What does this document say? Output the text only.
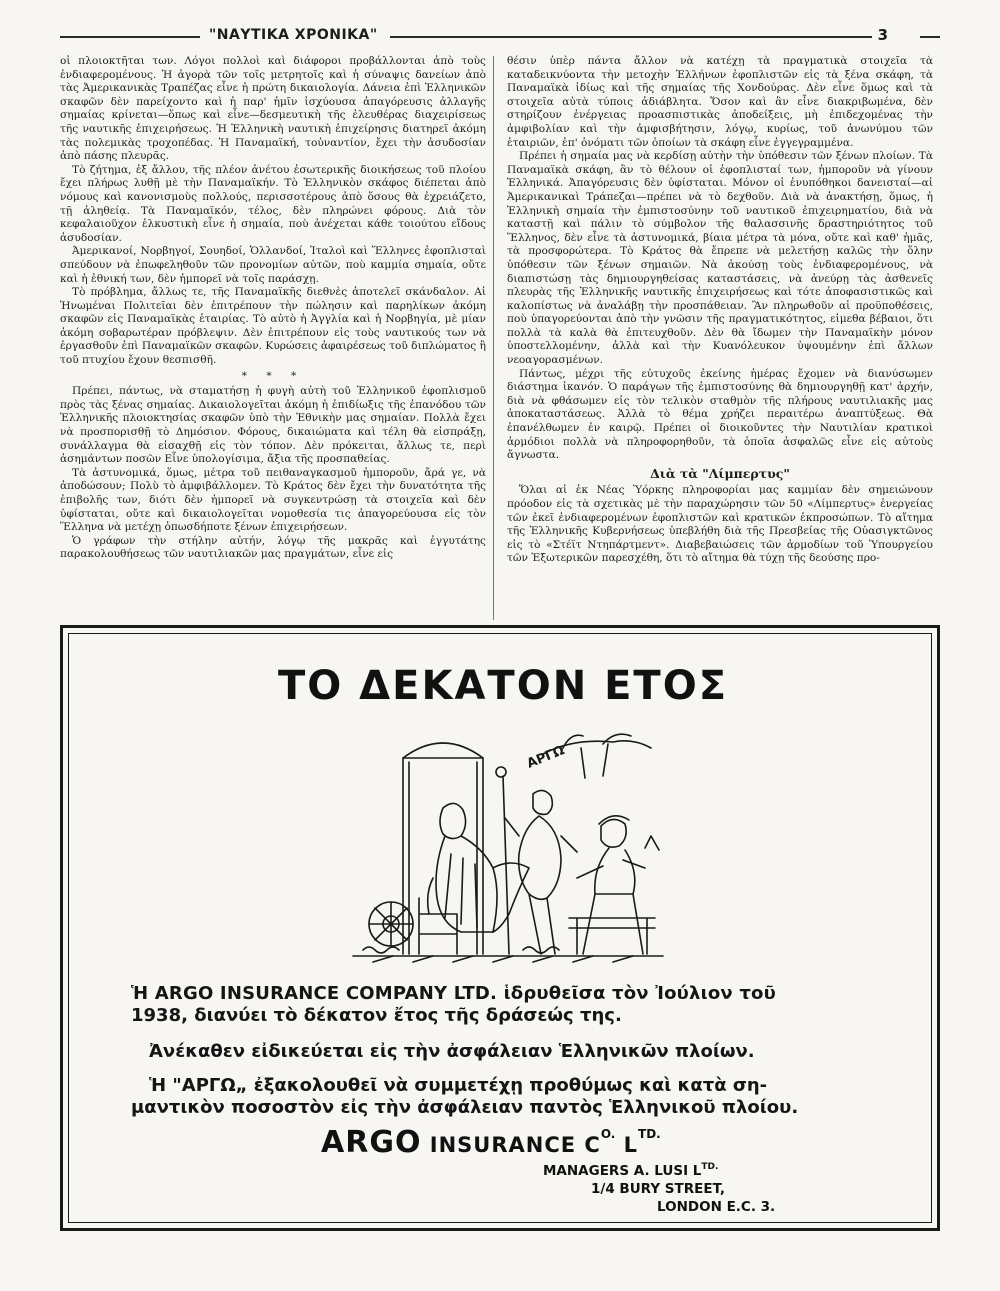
"ΝΑΥΤΙΚΑ ΧΡΟΝΙΚΑ"	3

οἱ πλοιοκτῆται των. Λόγοι πολλοὶ καὶ διάφοροι προβάλλονται ἀπὸ τοὺς ἐνδιαφερομένους. Ἡ ἀγορὰ τῶν τοῖς μετρητοῖς καὶ ἡ σύναψις δανείων ἀπὸ τὰς Ἀμερικανικὰς Τραπέζας εἶνε ἡ πρώτη δικαιολογία. Δάνεια ἐπὶ Ἑλληνικῶν σκαφῶν δὲν παρείχοντο καὶ ἡ παρ' ἡμῖν ἰσχύουσα ἀπαγόρευσις ἀλλαγῆς σημαίας κρίνεται—ὅπως καὶ εἶνε—δεσμευτικὴ τῆς ἐλευθέρας διαχειρίσεως τῆς ναυτικῆς ἐπιχειρήσεως. Ἡ Ἑλληνικὴ ναυτικὴ ἐπιχείρησις διατηρεῖ ἀκόμη τὰς πολεμικὰς τροχοπέδας. Ἡ Παναμαϊκή, τοὐναντίον, ἔχει τὴν ἀσυδοσίαν ἀπὸ πάσης πλευρᾶς.

Τὸ ζήτημα, ἐξ ἄλλου, τῆς πλέον ἀνέτου ἐσωτερικῆς διοικήσεως τοῦ πλοίου ἔχει πλήρως λυθῇ μὲ τὴν Παναμαϊκήν. Τὸ Ἑλληνικὸν σκάφος διέπεται ἀπὸ νόμους καὶ κανονισμοὺς πολλούς, περισσοτέρους ἀπὸ ὅσους θὰ ἐχρειάζετο, τῇ ἀληθείᾳ. Τὰ Παναμαϊκόν, τέλος, δὲν πληρώνει φόρους. Διὰ τὸν κεφαλαιοῦχον ἑλκυστικὴ εἶνε ἡ σημαία, ποὺ ἀνέχεται κάθε τοιούτου εἴδους ἀσυδοσίαν.

Ἀμερικανοί, Νορβηγοί, Σουηδοί, Ὁλλανδοί, Ἰταλοὶ καὶ Ἕλληνες ἐφοπλισταὶ σπεύδουν νὰ ἐπωφεληθοῦν τῶν προνομίων αὐτῶν, ποὺ καμμία σημαία, οὔτε καὶ ἡ ἐθνική των, δὲν ἠμπορεῖ νὰ τοῖς παράσχῃ.

Τὸ πρόβλημα, ἄλλως τε, τῆς Παναμαϊκῆς διεθνὲς ἀποτελεῖ σκάνδαλον. Αἱ Ἡνωμέναι Πολιτεῖαι δὲν ἐπιτρέπουν τὴν πώλησιν καὶ παρηλίκων ἀκόμη σκαφῶν εἰς Παναμαϊκὰς ἑταιρίας. Τὸ αὐτὸ ἡ Ἀγγλία καὶ ἡ Νορβηγία, μὲ μίαν ἀκόμη σοβαρωτέραν πρόβλεψιν. Δὲν ἐπιτρέπουν εἰς τοὺς ναυτικούς των νὰ ἐργασθοῦν ἐπὶ Παναμαϊκῶν σκαφῶν. Κυρώσεις ἀφαιρέσεως τοῦ διπλώματος ἢ τοῦ πτυχίου ἔχουν θεσπισθῆ.

* * *

Πρέπει, πάντως, νὰ σταματήσῃ ἡ φυγὴ αὐτὴ τοῦ Ἑλληνικοῦ ἐφοπλισμοῦ πρὸς τὰς ξένας σημαίας. Δικαιολογεῖται ἀκόμη ἡ ἐπιδίωξις τῆς ἐπανόδου τῶν Ἑλληνικῆς πλοιοκτησίας σκαφῶν ὑπὸ τὴν Ἐθνικὴν μας σημαίαν. Πολλὰ ἔχει νὰ προσπορισθῇ τὸ Δημόσιον. Φόρους, δικαιώματα καὶ τέλη θὰ εἰσπράξῃ, συνάλλαγμα θὰ εἰσαχθῇ εἰς τὸν τόπον. Δὲν πρόκειται, ἄλλως τε, περὶ ἀσημάντων ποσῶν Εἶνε ὑπολογίσιμα, ἄξια τῆς προσπαθείας.

Τὰ ἀστυνομικά, ὅμως, μέτρα τοῦ πειθαναγκασμοῦ ἠμποροῦν, ἄρά γε, νὰ ἀποδώσουν; Πολὺ τὸ ἀμφιβάλλομεν. Τὸ Κράτος δὲν ἔχει τὴν δυνατότητα τῆς ἐπιβολῆς των, διότι δὲν ἠμπορεῖ νὰ συγκεντρώσῃ τὰ στοιχεῖα καὶ δὲν ὑφίσταται, οὔτε καὶ δικαιολογεῖται νομοθεσία τις ἀπαγορεύουσα εἰς τὸν Ἕλληνα νὰ μετέχῃ ὁπωσδήποτε ξένων ἐπιχειρήσεων.

Ὁ γράφων τὴν στήλην αὐτήν, λόγῳ τῆς μακρᾶς καὶ ἐγγυτάτης παρακολουθήσεως τῶν ναυτιλιακῶν μας πραγμάτων, εἶνε εἰς

θέσιν ὑπὲρ πάντα ἄλλον νὰ κατέχῃ τὰ πραγματικὰ στοιχεῖα τὰ καταδεικνύοντα τὴν μετοχὴν Ἑλλήνων ἐφοπλιστῶν εἰς τὰ ξένα σκάφη, τὰ Παναμαϊκὰ ἰδίως καὶ τῆς σημαίας τῆς Χονδούρας. Δὲν εἶνε ὅμως καὶ τὰ στοιχεῖα αὐτὰ τύποις ἀδιάβλητα. Ὅσον καὶ ἂν εἶνε διακριβωμένα, δὲν στηρίζουν ἐνέργειας προασπιστικὰς ἀποδείξεις, μὴ ἐπιδεχομένας τὴν ἀμφιβολίαν καὶ τὴν ἀμφισβήτησιν, λόγῳ, κυρίως, τοῦ ἀνωνύμου τῶν ἑταιριῶν, ἐπ' ὀνόματι τῶν ὁποίων τὰ σκάφη εἶνε ἐγγεγραμμένα.

Πρέπει ἡ σημαία μας νὰ κερδίσῃ αὐτὴν τὴν ὑπόθεσιν τῶν ξένων πλοίων. Τὰ Παναμαϊκὰ σκάφη, ἂν τὸ θέλουν οἱ ἐφοπλισταί των, ἠμποροῦν νὰ γίνουν Ἑλληνικά. Ἀπαγόρευσις δὲν ὑφίσταται. Μόνον οἱ ἐνυπόθηκοι δανεισταί—αἱ Ἀμερικανικαὶ Τράπεζαι—πρέπει νὰ τὸ δεχθοῦν. Διὰ νὰ ἀνακτήσῃ, ὅμως, ἡ Ἑλληνικὴ σημαία τὴν ἐμπιστοσύνην τοῦ ναυτικοῦ ἐπιχειρηματίου, διὰ νὰ καταστῇ καὶ πάλιν τὸ σύμβολον τῆς θαλασσινῆς δραστηριότητος τοῦ Ἕλληνος, δὲν εἶνε τὰ ἀστυνομικά, βίαια μέτρα τὰ μόνα, οὔτε καὶ καθ' ἡμᾶς, τὰ προσφορώτερα. Τὸ Κράτος θὰ ἔπρεπε νὰ μελετήσῃ καλῶς τὴν ὅλην ὑπόθεσιν τῶν ξένων σημαιῶν. Νὰ ἀκούσῃ τοὺς ἐνδιαφερομένους, νὰ διαπιστώσῃ τὰς δημιουργηθείσας καταστάσεις, νὰ ἀνεύρῃ τὰς ἀσθενεῖς πλευρὰς τῆς Ἑλληνικῆς ναυτικῆς ἐπιχειρήσεως καὶ τότε ἀποφασιστικῶς καὶ καλοπίστως νὰ ἀναλάβῃ τὴν προσπάθειαν. Ἂν πληρωθοῦν αἱ προϋποθέσεις, ποὺ ὑπαγορεύονται ἀπὸ τὴν γνῶσιν τῆς πραγματικότητος, εἰμεθα βέβαιοι, ὅτι πολλὰ τὰ καλὰ θὰ ἐπιτευχθοῦν. Δὲν θὰ ἴδωμεν τὴν Παναμαϊκὴν μόνον ὑποστελλομένην, ἀλλὰ καὶ τὴν Κυανόλευκον ὑψουμένην ἐπὶ ἄλλων νεοαγορασμένων.

Πάντως, μέχρι τῆς εὐτυχοῦς ἐκείνης ἡμέρας ἔχομεν νὰ διανύσωμεν διάστημα ἱκανόν. Ὁ παράγων τῆς ἐμπιστοσύνης θὰ δημιουργηθῇ κατ' ἀρχήν, διὰ νὰ φθάσωμεν εἰς τὸν τελικὸν σταθμὸν τῆς πλήρους ναυτιλιακῆς μας ἀποκαταστάσεως. Ἀλλὰ τὸ θέμα χρήζει περαιτέρω ἀναπτύξεως. Θὰ ἐπανέλθωμεν ἐν καιρῷ. Πρέπει οἱ διοικοῦντες τὴν Ναυτιλίαν κρατικοὶ ἁρμόδιοι πολλὰ νὰ πληροφορηθοῦν, τὰ ὁποῖα ἀσφαλῶς εἶνε εἰς αὐτοὺς ἄγνωστα.

Διὰ τὰ "Λίμπερτυς"

Ὅλαι αἱ ἐκ Νέας Ὑόρκης πληροφορίαι μας καμμίαν δὲν σημειώνουν πρόοδον εἰς τὰ σχετικὰς μὲ τὴν παραχώρησιν τῶν 50 «Λίμπερτυς» ἐνεργείας τῶν ἐκεῖ ἐνδιαφερομένων ἐφοπλιστῶν καὶ κρατικῶν ἐκπροσώπων. Τὸ αἴτημα τῆς Ἑλληνικῆς Κυβερνήσεως ὑπεβλήθη διὰ τῆς Πρεσβείας τῆς Οὐασιγκτῶνος εἰς τὸ «Στέϊτ Ντηπάρτμεντ». Διαβεβαιώσεις τῶν ἁρμοδίων τοῦ Ὑπουργείου τῶν Ἐξωτερικῶν παρεσχέθη, ὅτι τὸ αἴτημα θὰ τύχῃ τῆς δεούσης προ-

ΤΟ ΔΕΚΑΤΟΝ ΕΤΟΣ
ΑΡΓΩ
Ἡ ARGO INSURANCE COMPANY LTD. ἱδρυθεῖσα τὸν Ἰούλιον τοῦ
1938, διανύει τὸ δέκατον ἔτος τῆς δράσεώς της.
Ἀνέκαθεν εἰδικεύεται εἰς τὴν ἀσφάλειαν Ἑλληνικῶν πλοίων.
Ἡ "ΑΡΓΩ„ ἐξακολουθεῖ νὰ συμμετέχῃ προθύμως καὶ κατὰ ση-
μαντικὸν ποσοστὸν εἰς τὴν ἀσφάλειαν παντὸς Ἑλληνικοῦ πλοίου.
ARGO INSURANCE $C^{O.}$ $L^{TD.}$
MANAGERS A. LUSI $L^{TD.}$
1/4 BURY STREET,
LONDON E.C. 3.
